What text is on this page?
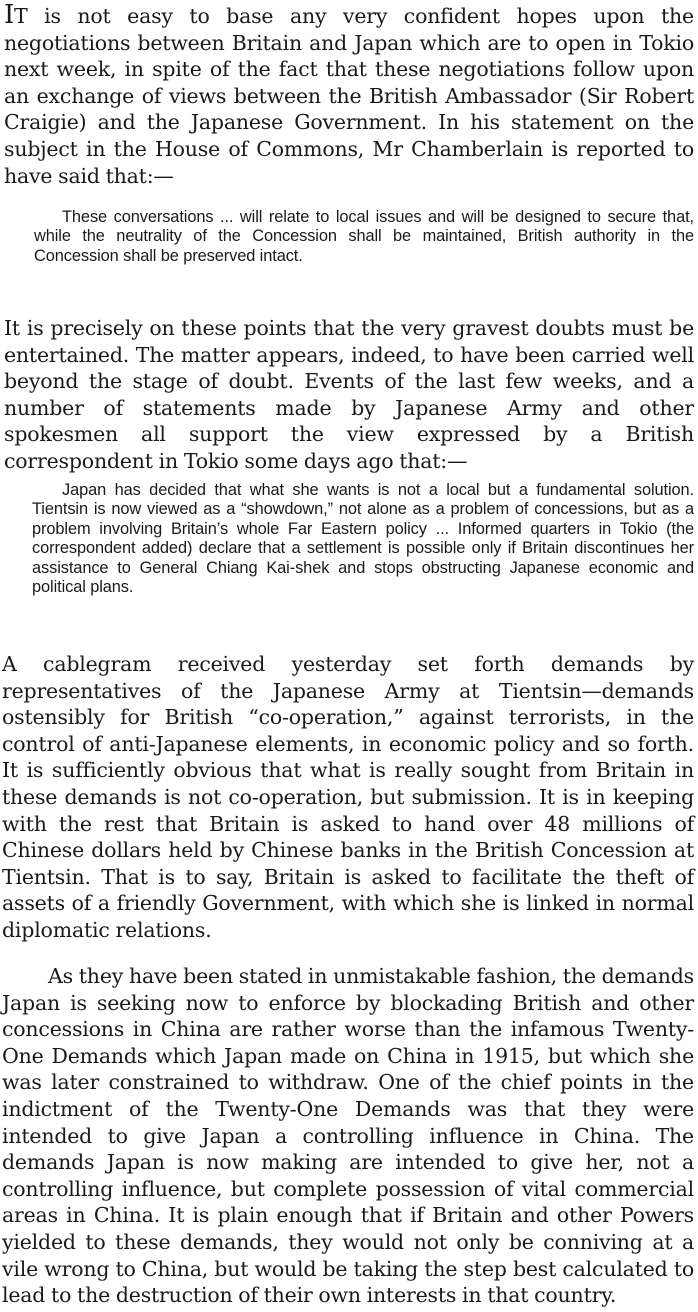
IT is not easy to base any very confident hopes upon the negotiations between Britain and Japan which are to open in Tokio next week, in spite of the fact that these negotiations follow upon an exchange of views between the British Ambassador (Sir Robert Craigie) and the Japanese Government. In his statement on the subject in the House of Commons, Mr Chamberlain is reported to have said that:—

These conversations ... will relate to local issues and will be designed to secure that, while the neutrality of the Concession shall be maintained, British authority in the Concession shall be preserved intact.

It is precisely on these points that the very gravest doubts must be entertained. The matter appears, indeed, to have been carried well beyond the stage of doubt. Events of the last few weeks, and a number of statements made by Japanese Army and other spokesmen all support the view expressed by a British correspondent in Tokio some days ago that:—

Japan has decided that what she wants is not a local but a fundamental solution. Tientsin is now viewed as a “showdown,” not alone as a problem of concessions, but as a problem involving Britain’s whole Far Eastern policy ... Informed quarters in Tokio (the correspondent added) declare that a settlement is possible only if Britain discontinues her assistance to General Chiang Kai-shek and stops obstructing Japanese economic and political plans.

A cablegram received yesterday set forth demands by representatives of the Japanese Army at Tientsin—demands ostensibly for British “co-operation,” against terrorists, in the control of anti-Japanese elements, in economic policy and so forth. It is sufficiently obvious that what is really sought from Britain in these demands is not co-operation, but submission. It is in keeping with the rest that Britain is asked to hand over 48 millions of Chinese dollars held by Chinese banks in the British Concession at Tientsin. That is to say, Britain is asked to facilitate the theft of assets of a friendly Government, with which she is linked in normal diplomatic relations.

As they have been stated in unmistakable fashion, the demands Japan is seeking now to enforce by blockading British and other concessions in China are rather worse than the infamous Twenty-One Demands which Japan made on China in 1915, but which she was later constrained to withdraw. One of the chief points in the indictment of the Twenty-One Demands was that they were intended to give Japan a controlling influence in China. The demands Japan is now making are intended to give her, not a controlling influence, but complete possession of vital commercial areas in China. It is plain enough that if Britain and other Powers yielded to these demands, they would not only be conniving at a vile wrong to China, but would be taking the step best calculated to lead to the destruction of their own interests in that country.
